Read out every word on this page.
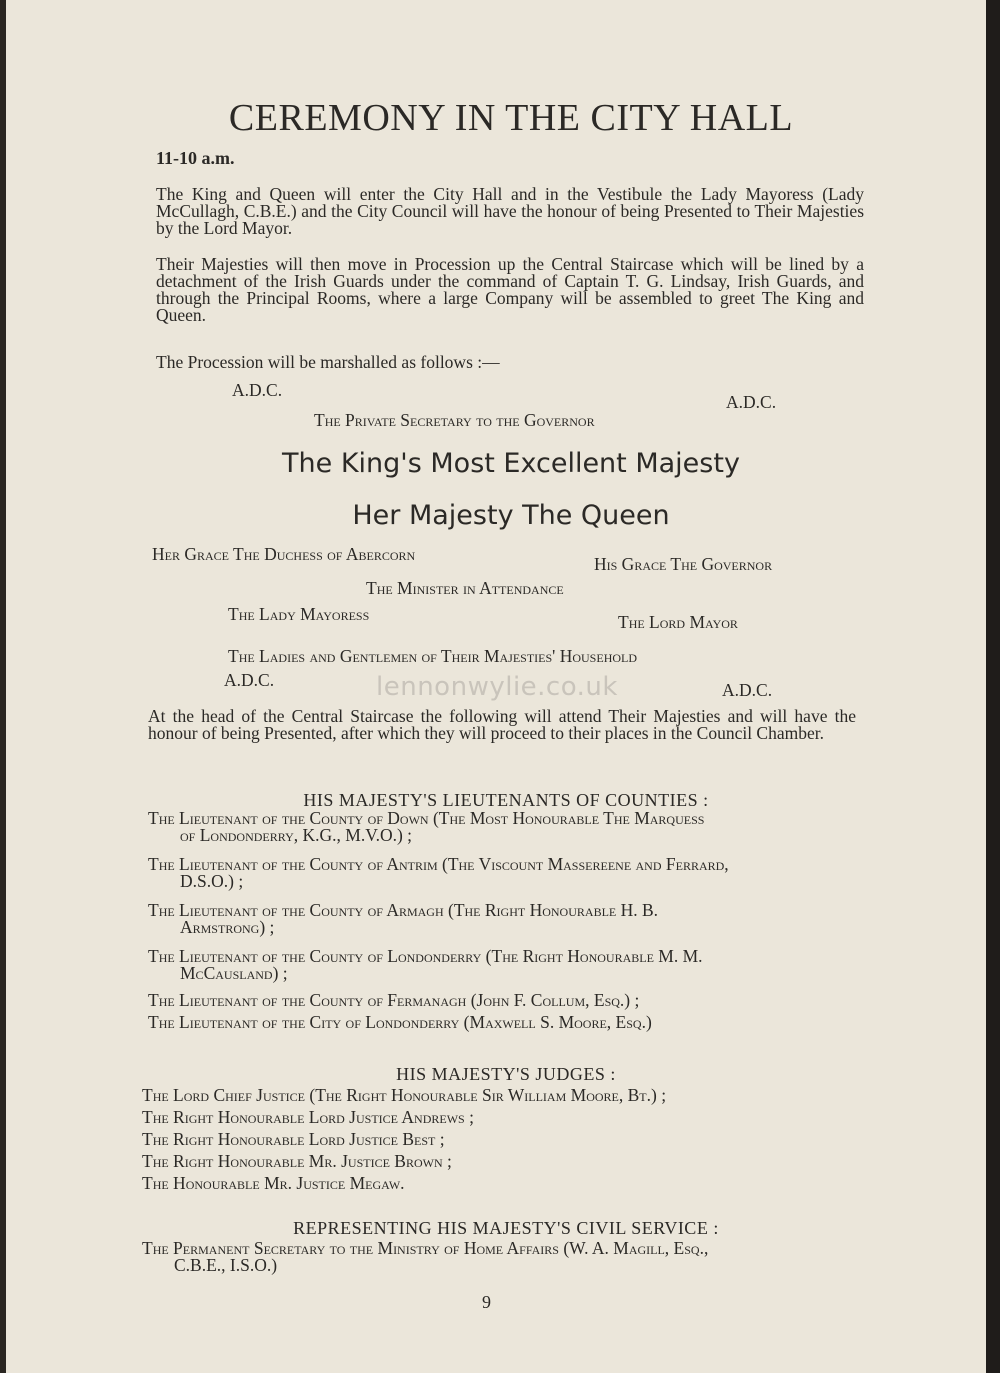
CEREMONY IN THE CITY HALL
11-10 a.m.
The King and Queen will enter the City Hall and in the Vestibule the Lady Mayoress (Lady McCullagh, C.B.E.) and the City Council will have the honour of being Presented to Their Majesties by the Lord Mayor.
Their Majesties will then move in Procession up the Central Staircase which will be lined by a detachment of the Irish Guards under the command of Captain T. G. Lindsay, Irish Guards, and through the Principal Rooms, where a large Company will be assembled to greet The King and Queen.
The Procession will be marshalled as follows :—
A.D.C.
A.D.C.
The Private Secretary to the Governor
The King's Most Excellent Majesty
Her Majesty The Queen
Her Grace The Duchess of Abercorn	His Grace The Governor
The Minister in Attendance
The Lady Mayoress	The Lord Mayor
The Ladies and Gentlemen of Their Majesties' Household
A.D.C.	A.D.C.
lennonwylie.co.uk
At the head of the Central Staircase the following will attend Their Majesties and will have the honour of being Presented, after which they will proceed to their places in the Council Chamber.
HIS MAJESTY'S LIEUTENANTS OF COUNTIES :
The Lieutenant of the County of Down (The Most Honourable The Marquess
of Londonderry, K.G., M.V.O.) ;
The Lieutenant of the County of Antrim (The Viscount Massereene and Ferrard,
D.S.O.) ;
The Lieutenant of the County of Armagh (The Right Honourable H. B.
Armstrong) ;
The Lieutenant of the County of Londonderry (The Right Honourable M. M.
McCausland) ;
The Lieutenant of the County of Fermanagh (John F. Collum, Esq.) ;
The Lieutenant of the City of Londonderry (Maxwell S. Moore, Esq.)
HIS MAJESTY'S JUDGES :
The Lord Chief Justice (The Right Honourable Sir William Moore, Bt.) ;
The Right Honourable Lord Justice Andrews ;
The Right Honourable Lord Justice Best ;
The Right Honourable Mr. Justice Brown ;
The Honourable Mr. Justice Megaw.
REPRESENTING HIS MAJESTY'S CIVIL SERVICE :
The Permanent Secretary to the Ministry of Home Affairs (W. A. Magill, Esq.,
C.B.E., I.S.O.)
9
